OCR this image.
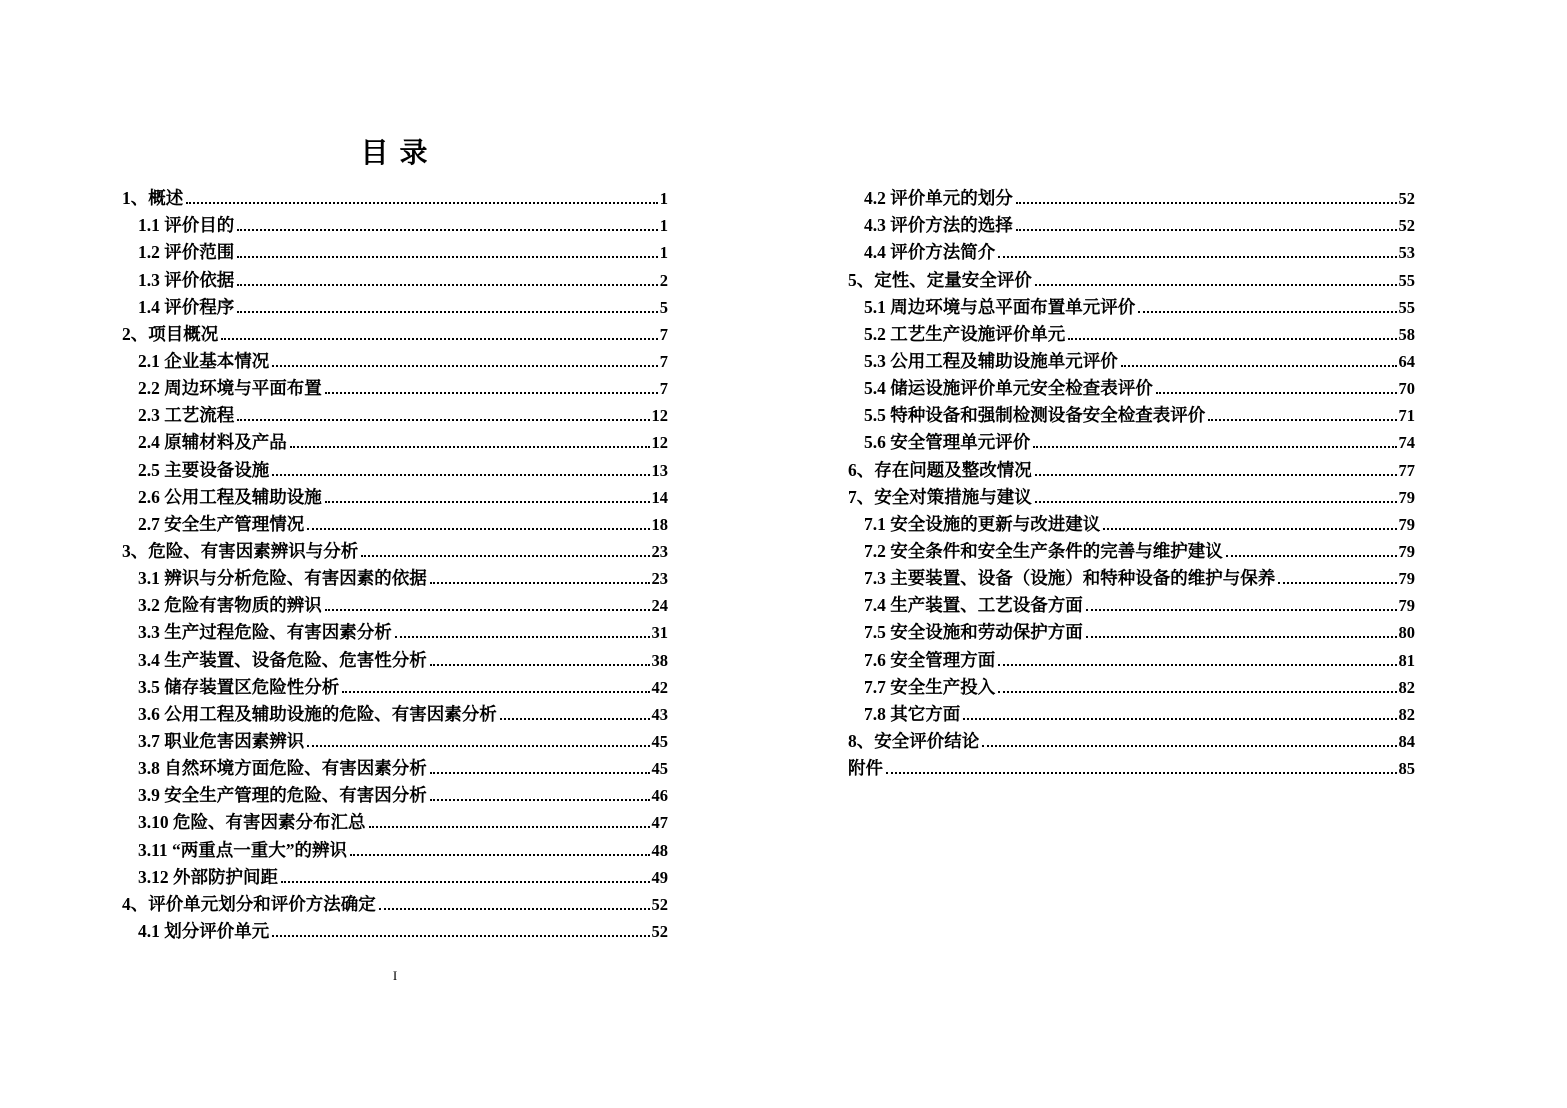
目 录
1、概述	1
1.1 评价目的	1
1.2 评价范围	1
1.3 评价依据	2
1.4 评价程序	5
2、项目概况	7
2.1 企业基本情况	7
2.2 周边环境与平面布置	7
2.3 工艺流程	12
2.4 原辅材料及产品	12
2.5 主要设备设施	13
2.6 公用工程及辅助设施	14
2.7 安全生产管理情况	18
3、危险、有害因素辨识与分析	23
3.1 辨识与分析危险、有害因素的依据	23
3.2 危险有害物质的辨识	24
3.3 生产过程危险、有害因素分析	31
3.4 生产装置、设备危险、危害性分析	38
3.5 储存装置区危险性分析	42
3.6 公用工程及辅助设施的危险、有害因素分析	43
3.7 职业危害因素辨识	45
3.8 自然环境方面危险、有害因素分析	45
3.9 安全生产管理的危险、有害因分析	46
3.10 危险、有害因素分布汇总	47
3.11 “两重点一重大”的辨识	48
3.12 外部防护间距	49
4、评价单元划分和评价方法确定	52
4.1 划分评价单元	52
I
4.2 评价单元的划分	52
4.3 评价方法的选择	52
4.4 评价方法简介	53
5、定性、定量安全评价	55
5.1 周边环境与总平面布置单元评价	55
5.2 工艺生产设施评价单元	58
5.3 公用工程及辅助设施单元评价	64
5.4 储运设施评价单元安全检查表评价	70
5.5 特种设备和强制检测设备安全检查表评价	71
5.6 安全管理单元评价	74
6、存在问题及整改情况	77
7、安全对策措施与建议	79
7.1 安全设施的更新与改进建议	79
7.2 安全条件和安全生产条件的完善与维护建议	79
7.3 主要装置、设备（设施）和特种设备的维护与保养	79
7.4 生产装置、工艺设备方面	79
7.5 安全设施和劳动保护方面	80
7.6 安全管理方面	81
7.7 安全生产投入	82
7.8 其它方面	82
8、安全评价结论	84
附件	85
